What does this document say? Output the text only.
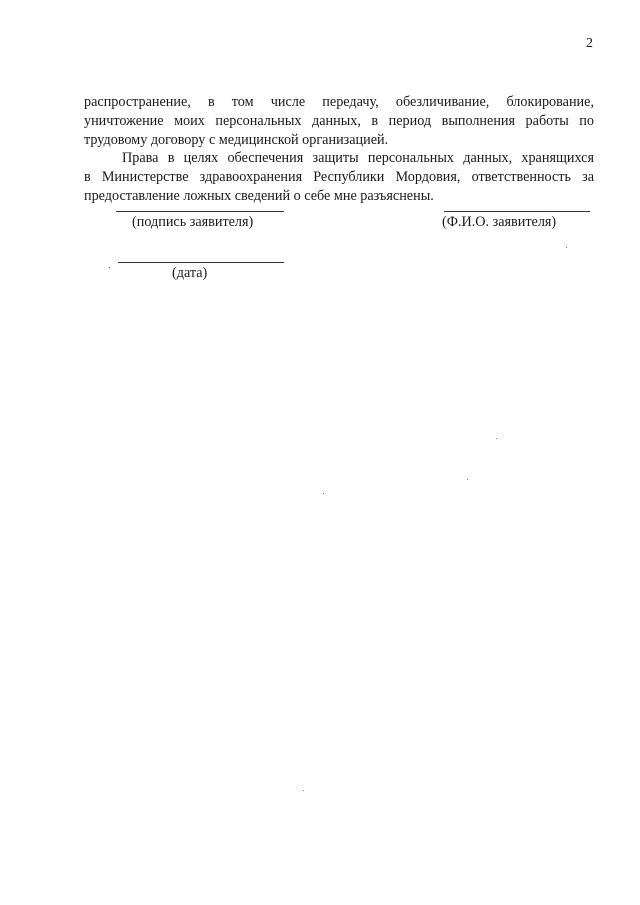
2

распространение, в том числе передачу, обезличивание, блокирование,
уничтожение моих персональных данных, в период выполнения работы по
трудовому договору с медицинской организацией.

Права в целях обеспечения защиты персональных данных, хранящихся
в Министерстве здравоохранения Республики Мордовия, ответственность за
предоставление ложных сведений о себе мне разъяснены.

(подпись заявителя)	(Ф.И.О. заявителя)
(дата)
